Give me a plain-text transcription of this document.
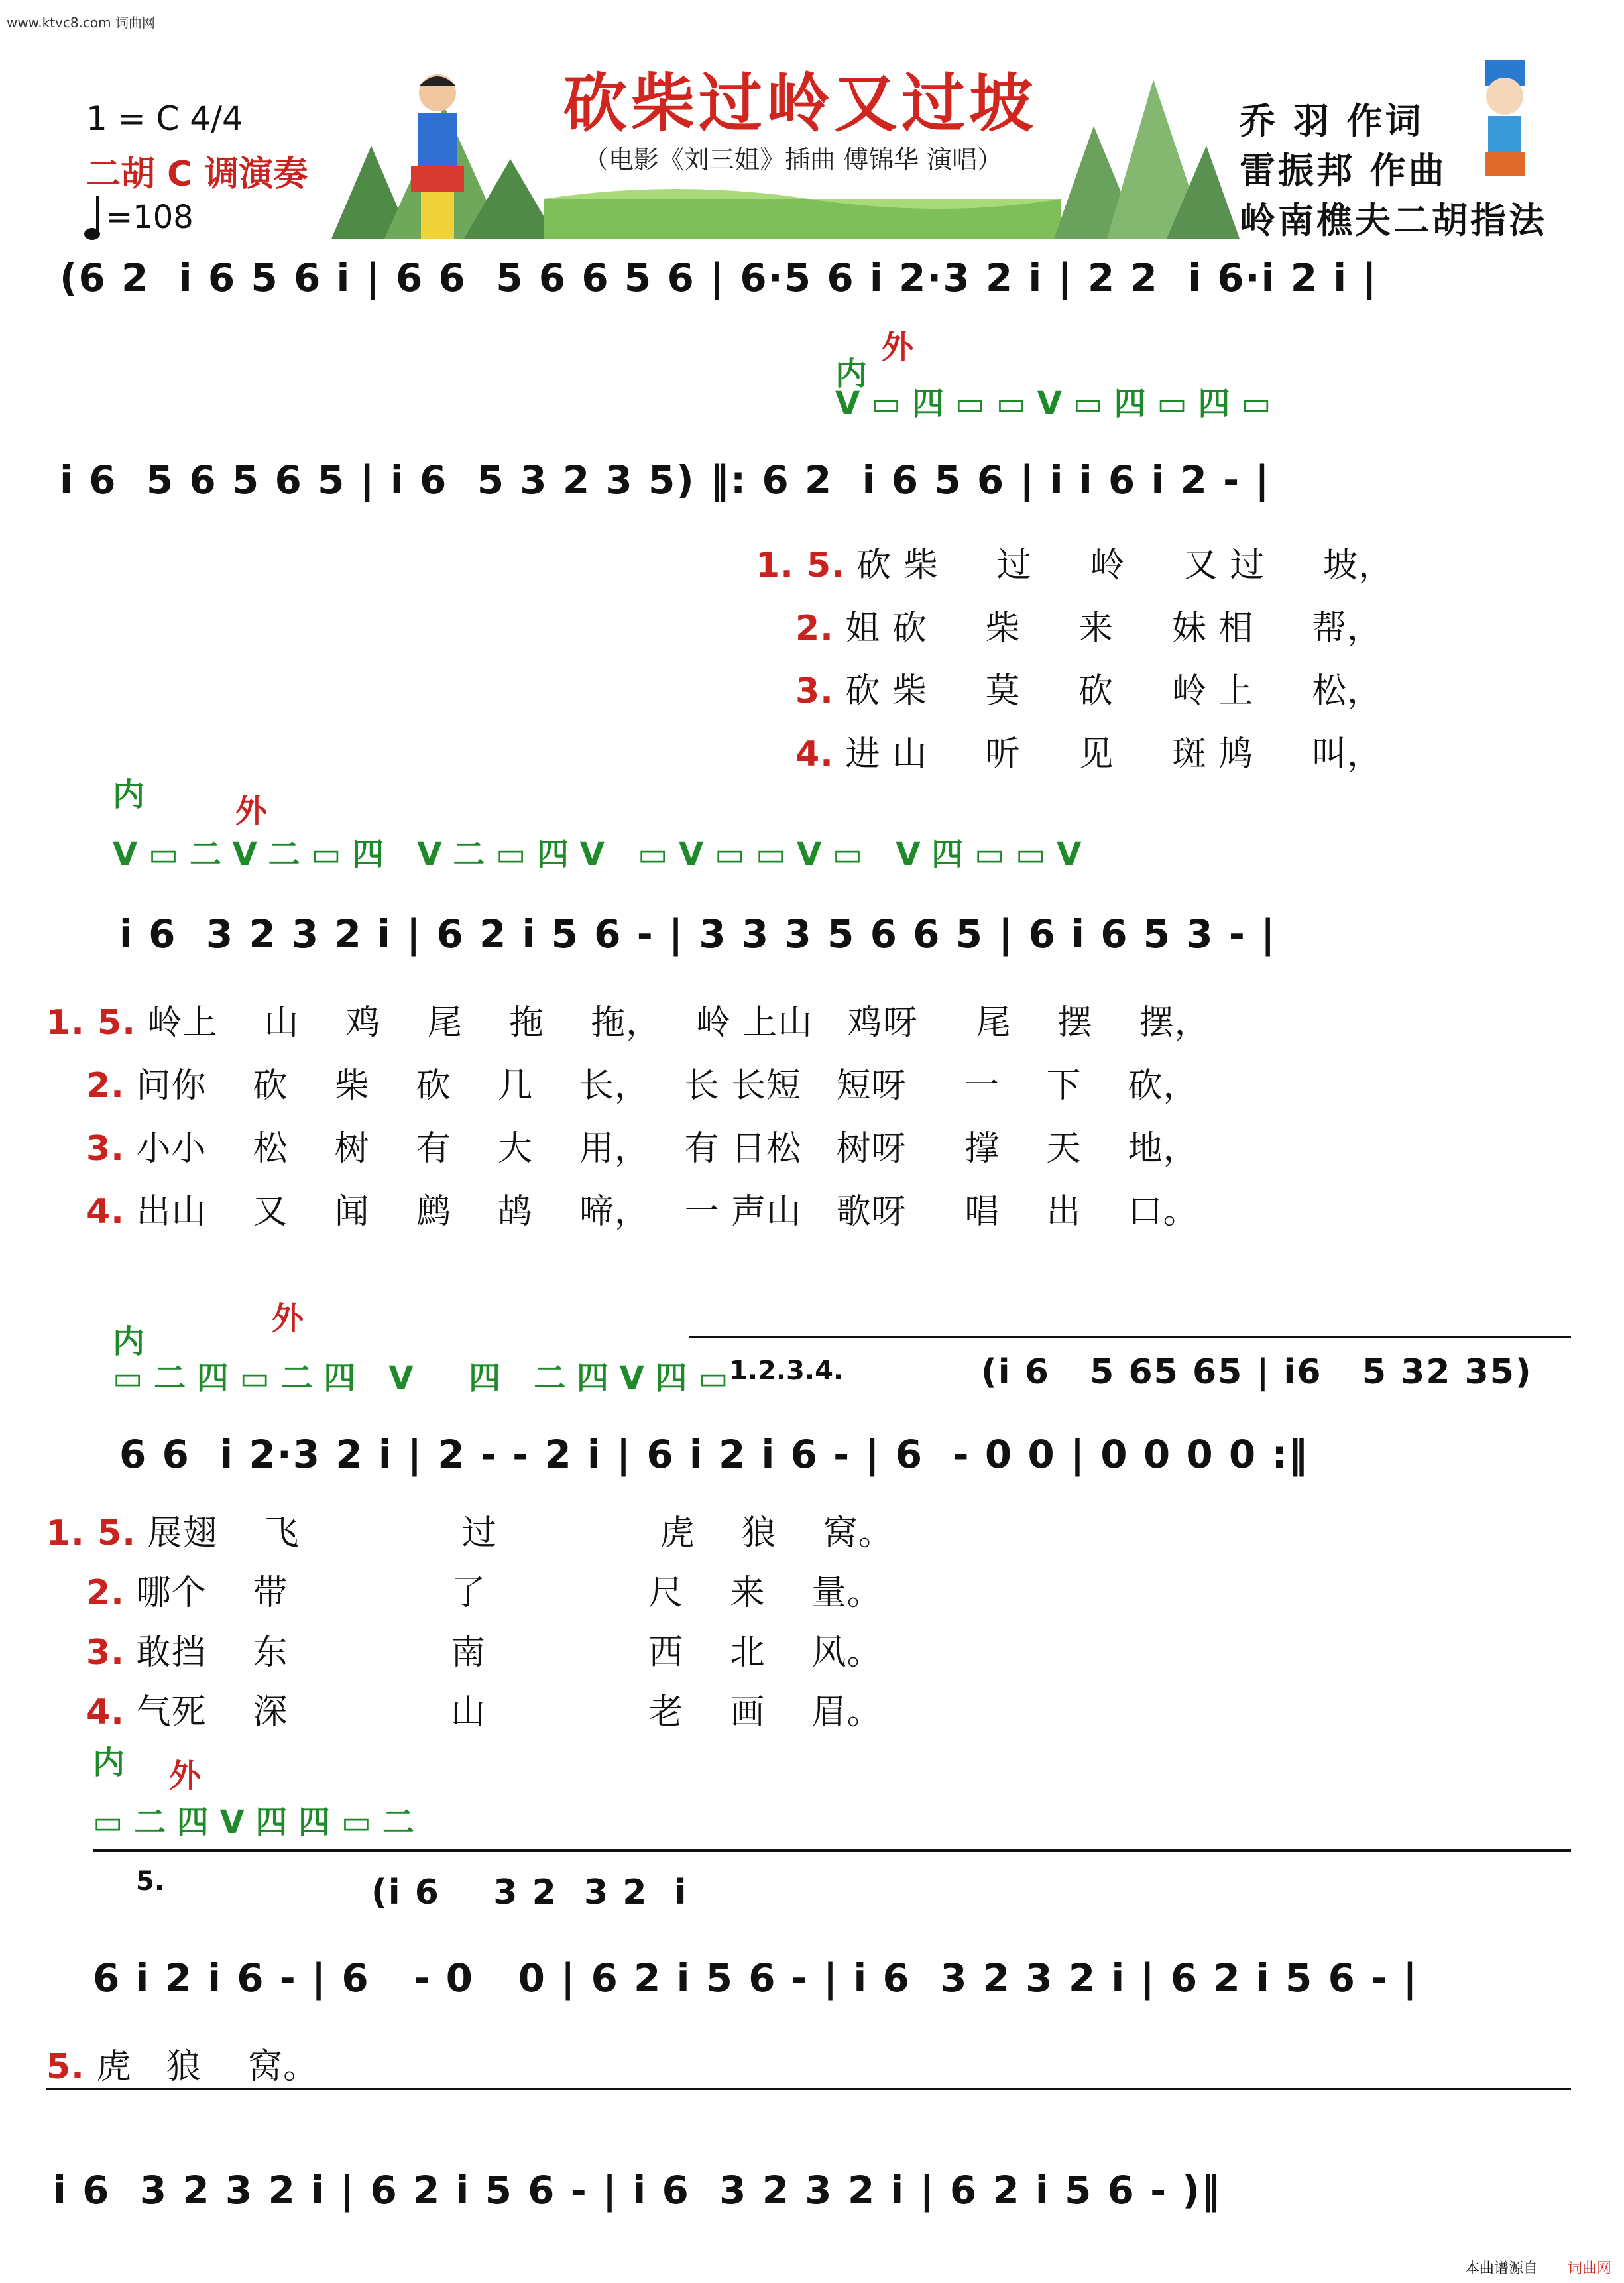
www.ktvc8.com 词曲网
1 = C 4/4
二胡 C 调演奏
=108
砍柴过岭又过坡
（电影《刘三姐》插曲 傅锦华 演唱）
乔 羽 作词
雷振邦 作曲
岭南樵夫二胡指法
(6 2  i 6 5 6 i | 6 6  5 6 6 5 6 | 6·5 6 i 2·3 2 i | 2 2  i 6·i 2 i |
外
内
V ▭ 四 ▭ ▭ V ▭ 四 ▭ 四 ▭
i 6  5 6 5 6 5 | i 6  5 3 2 3 5) ‖: 6 2  i 6 5 6 | i i 6 i 2 - |
1. 5. 砍 柴     过     岭     又 过     坡，
2. 姐 砍     柴     来     妹 相     帮，
3. 砍 柴     莫     砍     岭 上     松，
4. 进 山     听     见     斑 鸠     叫，
内	外
V ▭ 二 V 二 ▭ 四   V 二 ▭ 四 V   ▭ V ▭ ▭ V ▭   V 四 ▭ ▭ V
i 6  3 2 3 2 i | 6 2 i 5 6 - | 3 3 3 5 6 6 5 | 6 i 6 5 3 - |
1. 5. 岭上    山    鸡    尾    拖    拖，   岭 上山   鸡呀     尾    摆    摆，
2. 问你    砍    柴    砍    几    长，   长 长短   短呀     一    下    砍，
3. 小小    松    树    有    大    用，   有 日松   树呀     撑    天    地，
4. 出山    又    闻    鹧    鸪    啼，   一 声山   歌呀     唱    出    口。
内
外
▭ 二 四 ▭ 二 四   V     四   二 四 V 四 ▭ 1.2.3.4.	(i 6   5 65 65 | i6   5 32 35)
6 6  i 2·3 2 i | 2 - - 2 i | 6 i 2 i 6 - | 6  - 0 0 | 0 0 0 0 :‖
1. 5. 展翅    飞              过              虎    狼    窝。
2. 哪个    带              了              尺    来    量。
3. 敢挡    东              南              西    北    风。
4. 气死    深              山              老    画    眉。
内 外
▭ 二 四 V 四 四 ▭ 二
5.	(i 6    3 2  3 2  i
6 i 2 i 6 - | 6   - 0   0 | 6 2 i 5 6 - | i 6  3 2 3 2 i | 6 2 i 5 6 - |
5. 虎   狼    窝。
i 6  3 2 3 2 i | 6 2 i 5 6 - | i 6  3 2 3 2 i | 6 2 i 5 6 - )‖
本曲谱源自 词曲网
